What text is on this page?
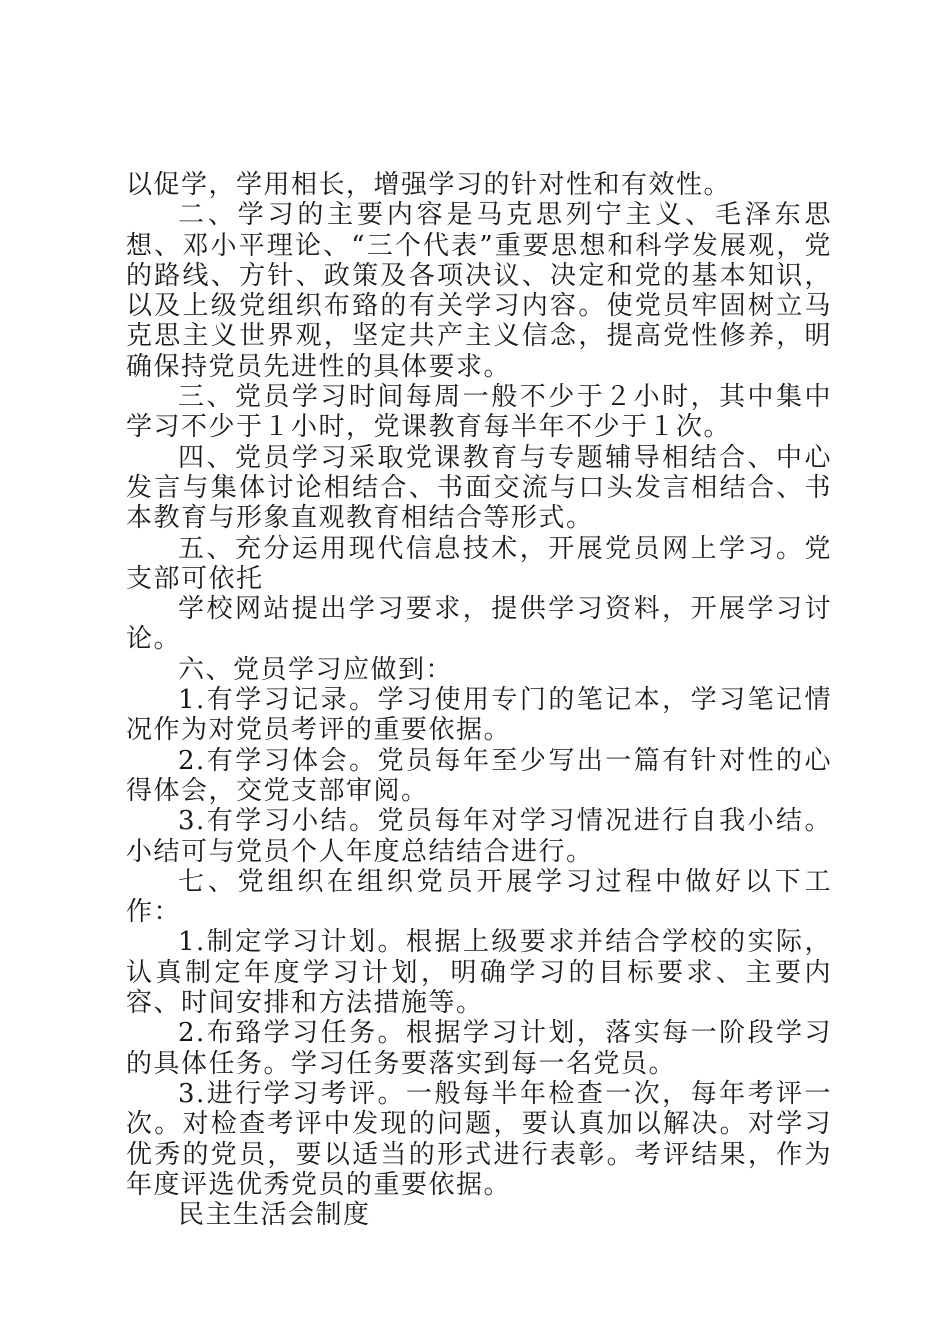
以促学，学用相长，增强学习的针对性和有效性。

二、学习的主要内容是马克思列宁主义、毛泽东思想、邓小平理论、“三个代表”重要思想和科学发展观，党的路线、方针、政策及各项决议、决定和党的基本知识，以及上级党组织布臵的有关学习内容。使党员牢固树立马克思主义世界观，坚定共产主义信念，提高党性修养，明确保持党员先进性的具体要求。

三、党员学习时间每周一般不少于２小时，其中集中学习不少于１小时，党课教育每半年不少于１次。

四、党员学习采取党课教育与专题辅导相结合、中心发言与集体讨论相结合、书面交流与口头发言相结合、书本教育与形象直观教育相结合等形式。

五、充分运用现代信息技术，开展党员网上学习。党支部可依托

学校网站提出学习要求，提供学习资料，开展学习讨论。

六、党员学习应做到：

1.有学习记录。学习使用专门的笔记本，学习笔记情况作为对党员考评的重要依据。

2.有学习体会。党员每年至少写出一篇有针对性的心得体会，交党支部审阅。

3.有学习小结。党员每年对学习情况进行自我小结。小结可与党员个人年度总结结合进行。

七、党组织在组织党员开展学习过程中做好以下工作：

1.制定学习计划。根据上级要求并结合学校的实际，认真制定年度学习计划，明确学习的目标要求、主要内容、时间安排和方法措施等。

2.布臵学习任务。根据学习计划，落实每一阶段学习的具体任务。学习任务要落实到每一名党员。

3.进行学习考评。一般每半年检查一次，每年考评一次。对检查考评中发现的问题，要认真加以解决。对学习优秀的党员，要以适当的形式进行表彰。考评结果，作为年度评选优秀党员的重要依据。

民主生活会制度
